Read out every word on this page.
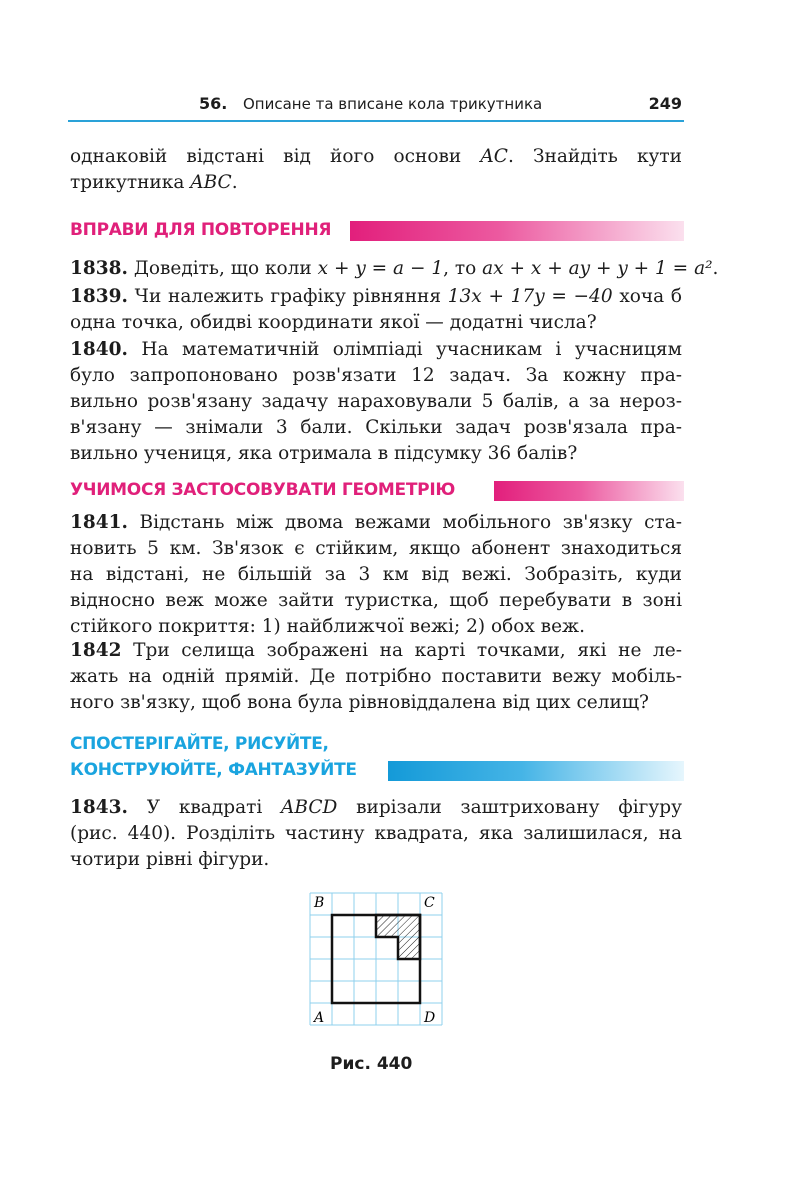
56. Описане та вписане кола трикутника	249
однаковій відстані від його основи AC. Знайдіть кути
трикутника ABC.
ВПРАВИ ДЛЯ ПОВТОРЕННЯ
1838. Доведіть, що коли x + y = a − 1, то ax + x + ay + y + 1 = a².
1839. Чи належить графіку рівняння 13x + 17y = −40 хоча б
одна точка, обидві координати якої — додатні числа?
1840. На математичній олімпіаді учасникам і учасницям
було запропоновано розв'язати 12 задач. За кожну пра-
вильно розв'язану задачу нараховували 5 балів, а за нероз-
в'язану — знімали 3 бали. Скільки задач розв'язала пра-
вильно учениця, яка отримала в підсумку 36 балів?
УЧИМОСЯ ЗАСТОСОВУВАТИ ГЕОМЕТРІЮ
1841. Відстань між двома вежами мобільного зв'язку ста-
новить 5 км. Зв'язок є стійким, якщо абонент знаходиться
на відстані, не більшій за 3 км від вежі. Зобразіть, куди
відносно веж може зайти туристка, щоб перебувати в зоні
стійкого покриття: 1) найближчої вежі; 2) обох веж.
1842 Три селища зображені на карті точками, які не ле-
жать на одній прямій. Де потрібно поставити вежу мобіль-
ного зв'язку, щоб вона була рівновіддалена від цих селищ?
СПОСТЕРІГАЙТЕ, РИСУЙТЕ,
КОНСТРУЮЙТЕ, ФАНТАЗУЙТЕ
1843. У квадраті ABCD вирізали заштриховану фігуру
(рис. 440). Розділіть частину квадрата, яка залишилася, на
чотири рівні фігури.
B	C
A	D
Рис. 440
